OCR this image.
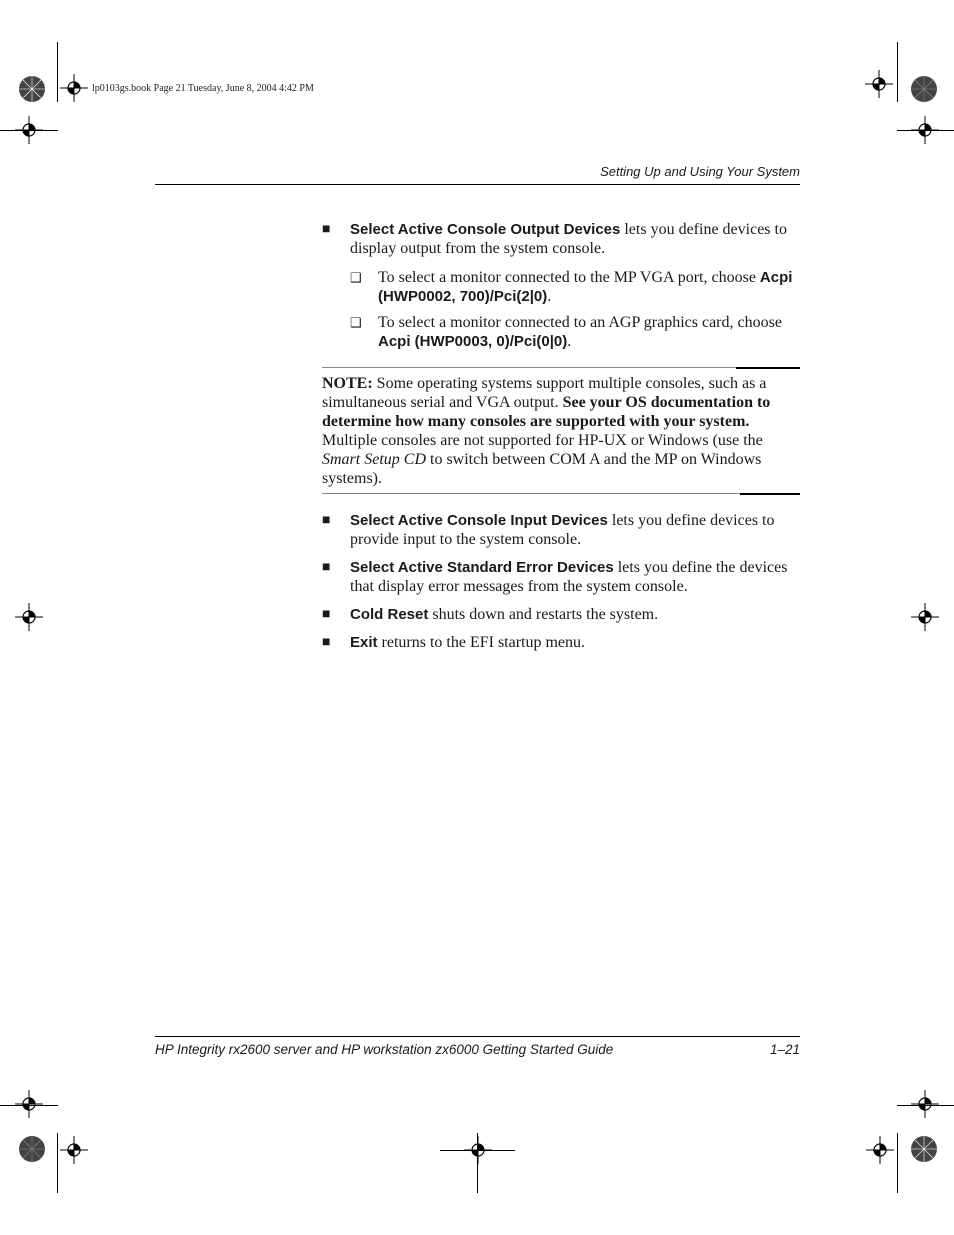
lp0103gs.book Page 21 Tuesday, June 8, 2004 4:42 PM
Setting Up and Using Your System
■	Select Active Console Output Devices lets you define devices to display output from the system console.
❑ To select a monitor connected to the MP VGA port, choose Acpi (HWP0002, 700)/Pci(2|0).
❑ To select a monitor connected to an AGP graphics card, choose Acpi (HWP0003, 0)/Pci(0|0).
NOTE: Some operating systems support multiple consoles, such as a simultaneous serial and VGA output. See your OS documentation to determine how many consoles are supported with your system. Multiple consoles are not supported for HP-UX or Windows (use the Smart Setup CD to switch between COM A and the MP on Windows systems).
■	Select Active Console Input Devices lets you define devices to provide input to the system console.
■	Select Active Standard Error Devices lets you define the devices that display error messages from the system console.
■	Cold Reset shuts down and restarts the system.
■	Exit returns to the EFI startup menu.
HP Integrity rx2600 server and HP workstation zx6000 Getting Started Guide	1–21
